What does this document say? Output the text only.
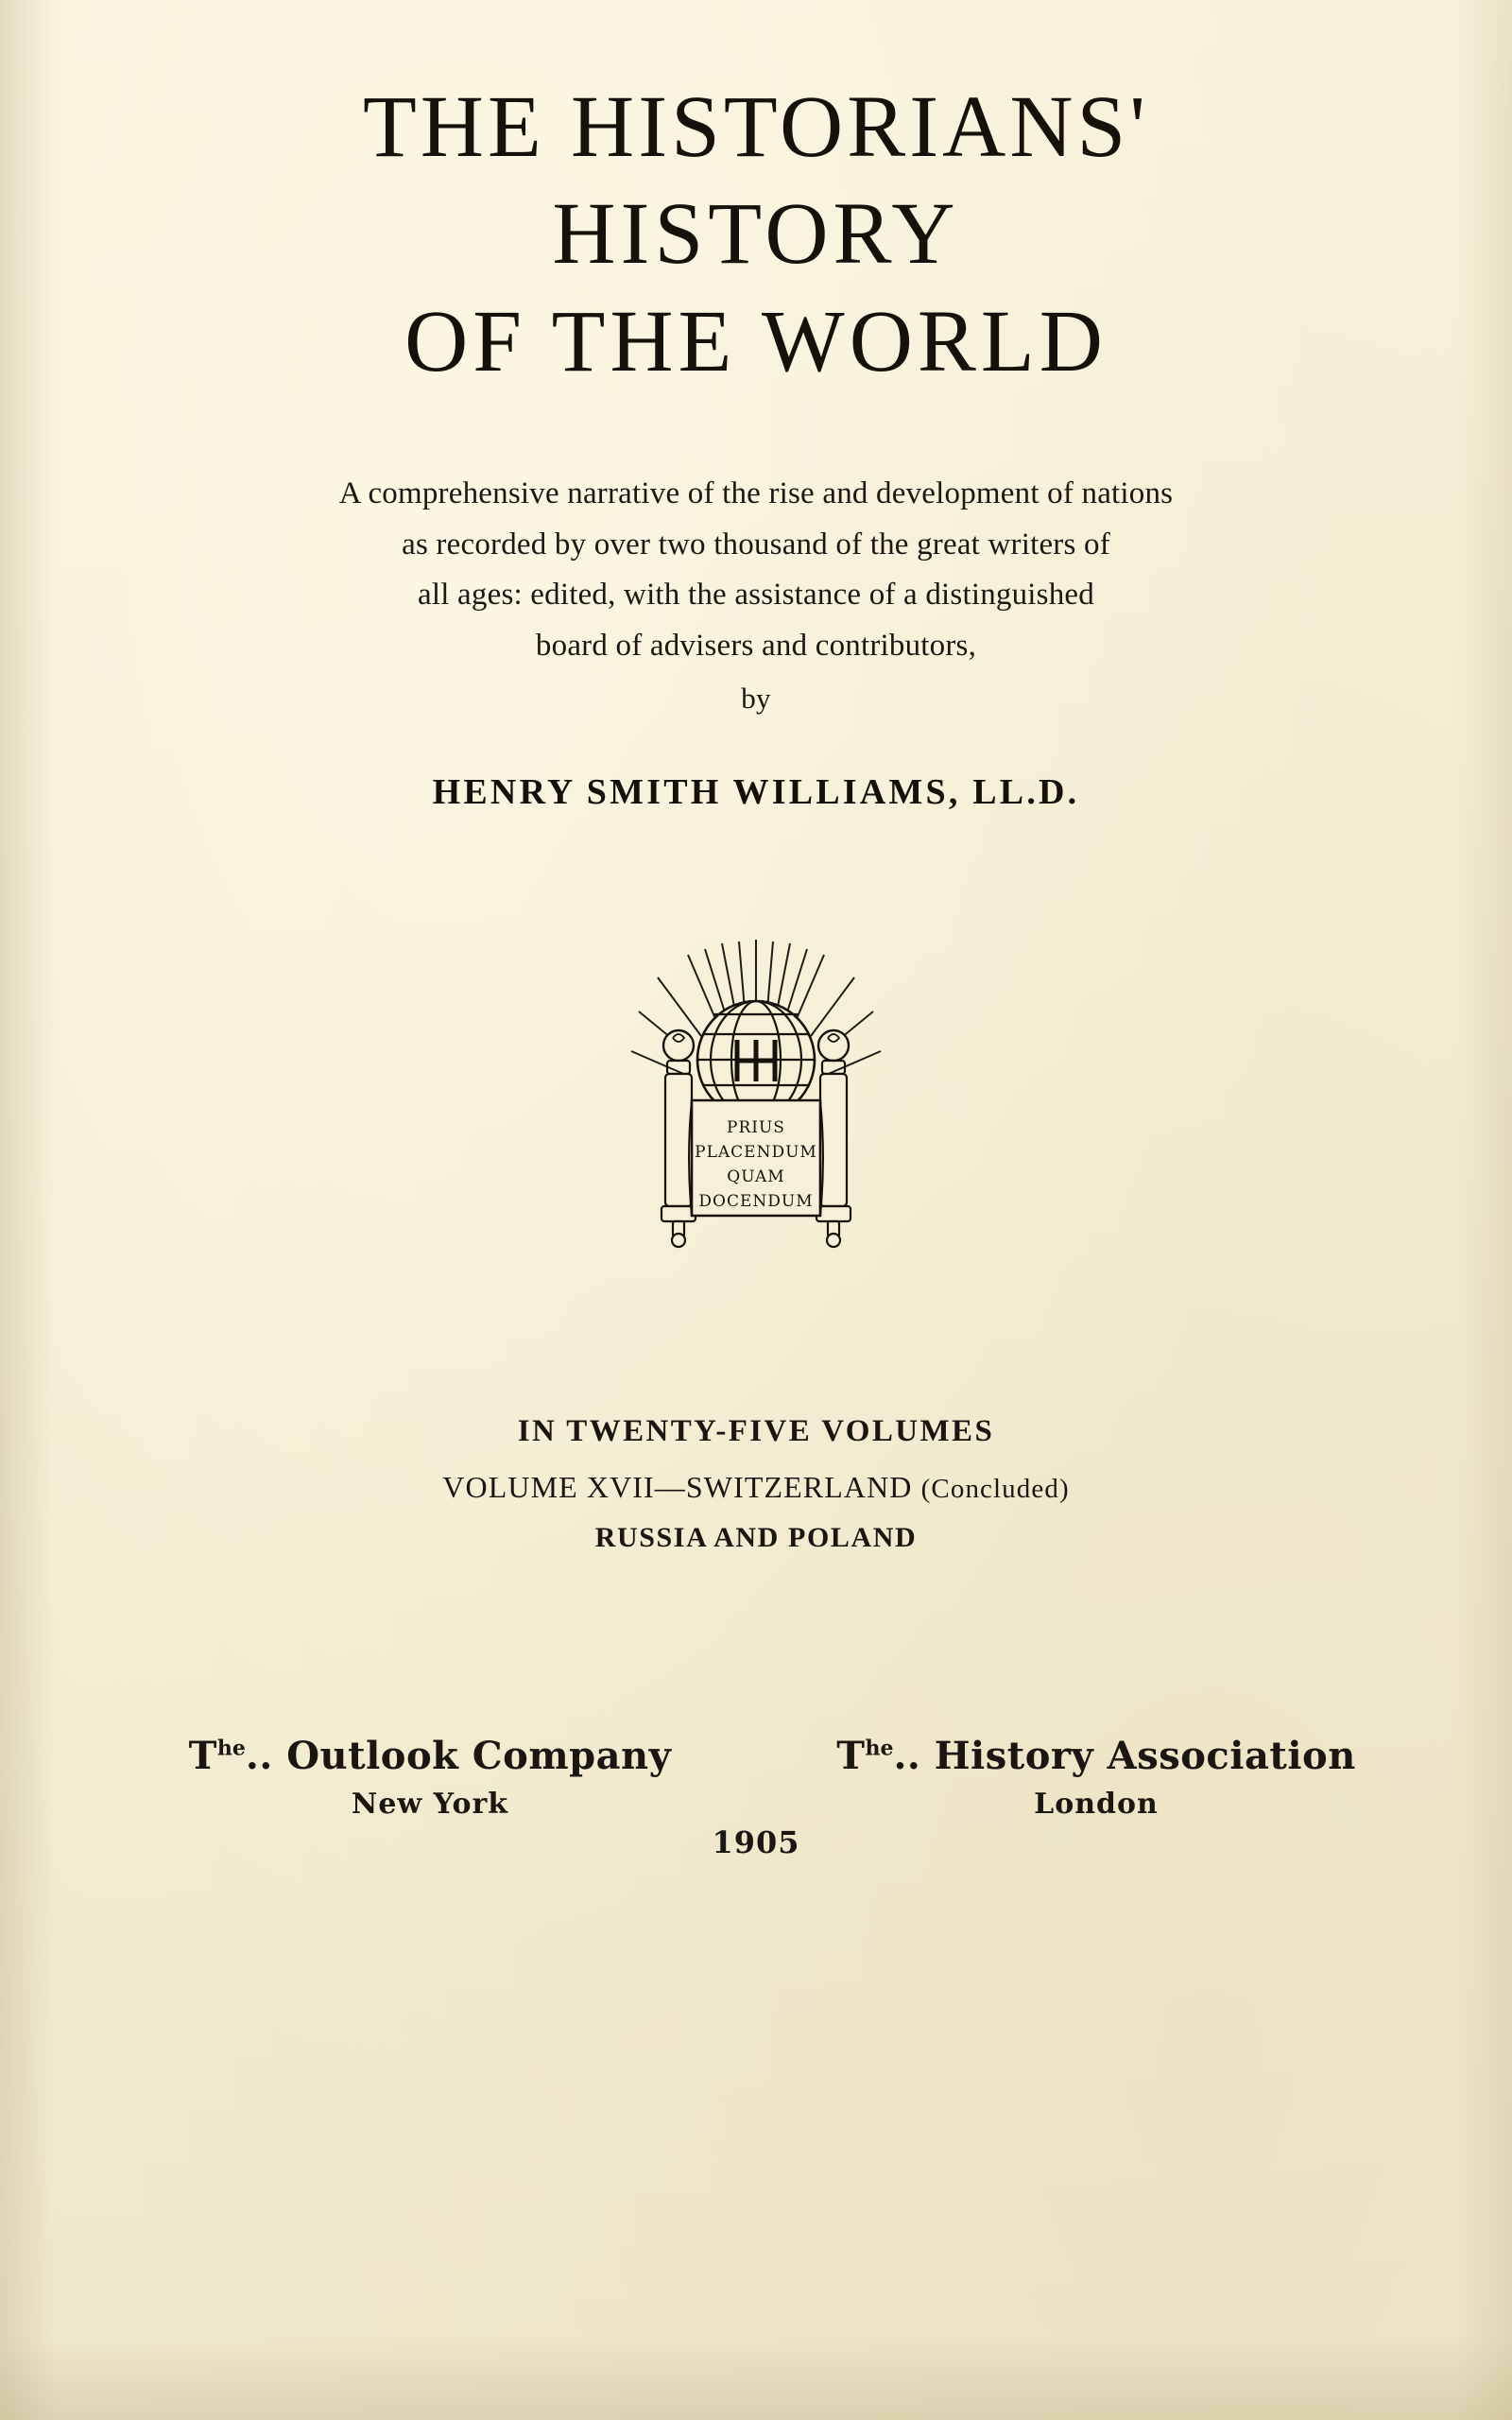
THE HISTORIANS'
HISTORY
OF THE WORLD
A comprehensive narrative of the rise and development of nations
as recorded by over two thousand of the great writers of
all ages: edited, with the assistance of a distinguished
board of advisers and contributors,
by
HENRY SMITH WILLIAMS, LL.D.
PRIUS
PLACENDUM
QUAM
DOCENDUM
IN TWENTY-FIVE VOLUMES
VOLUME XVII—SWITZERLAND (Concluded)
RUSSIA AND POLAND
$T^{he}$.. Outlook Company
New York
$T^{he}$.. History Association
London
1905
